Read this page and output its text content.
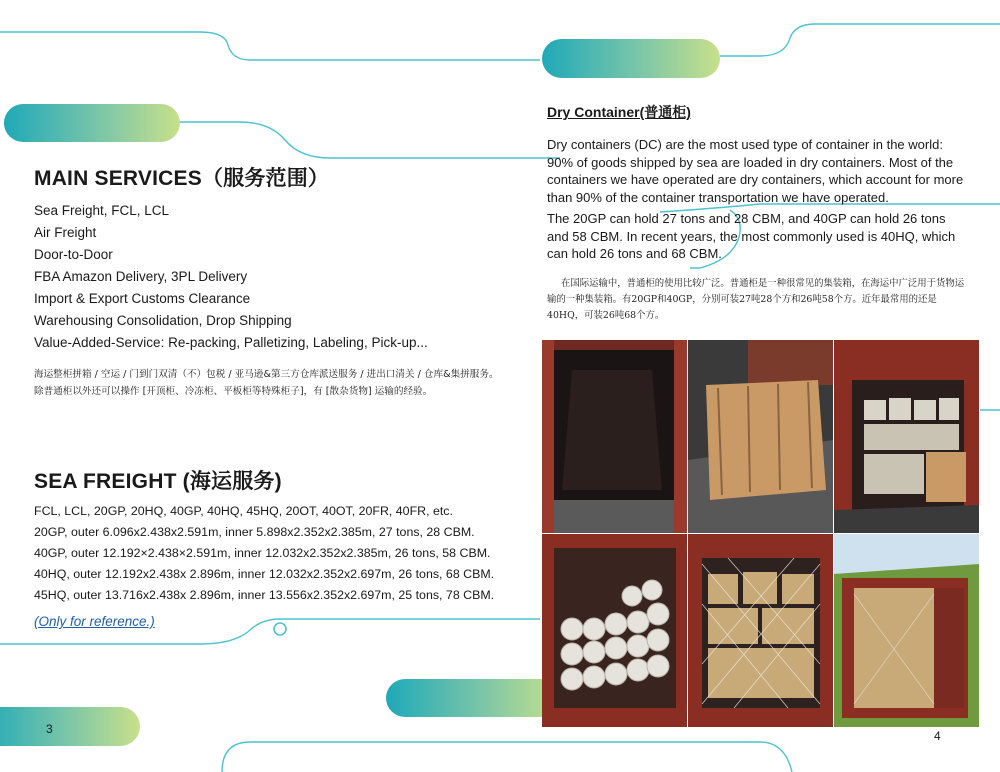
MAIN SERVICES（服务范围）
Sea Freight, FCL, LCL
Air Freight
Door-to-Door
FBA Amazon Delivery, 3PL Delivery
Import & Export Customs Clearance
Warehousing Consolidation, Drop Shipping
Value-Added-Service: Re-packing, Palletizing, Labeling, Pick-up...
海运整柜拼箱 / 空运 / 门到门双清（不）包税 / 亚马逊&第三方仓库派送服务 / 进出口清关 / 仓库&集拼服务。
除普通柜以外还可以操作 [开顶柜、冷冻柜、平板柜等特殊柜子]，有 [散杂货物] 运输的经验。
SEA FREIGHT (海运服务)
FCL, LCL, 20GP, 20HQ, 40GP, 40HQ, 45HQ, 20OT, 40OT, 20FR, 40FR, etc.
20GP, outer 6.096x2.438x2.591m, inner 5.898x2.352x2.385m, 27 tons, 28 CBM.
40GP, outer 12.192×2.438×2.591m, inner 12.032x2.352x2.385m, 26 tons, 58 CBM.
40HQ, outer 12.192x2.438x 2.896m, inner 12.032x2.352x2.697m, 26 tons, 68 CBM.
45HQ, outer 13.716x2.438x 2.896m, inner 13.556x2.352x2.697m, 25 tons, 78 CBM.
(Only for reference.)
3
Dry Container(普通柜)

Dry containers (DC) are the most used type of container in the world: 90% of goods shipped by sea are loaded in dry containers. Most of the containers we have operated are dry containers, which account for more than 90% of the container transportation we have operated.

The 20GP can hold 27 tons and 28 CBM, and 40GP can hold 26 tons and 58 CBM. In recent years, the most commonly used is 40HQ, which can hold 26 tons and 68 CBM.

在国际运输中，普通柜的使用比较广泛。普通柜是一种很常见的集装箱，在海运中广泛用于货物运输的一种集装箱。有20GP和40GP，分别可装27吨28个方和26吨58个方。近年最常用的还是40HQ，可装26吨68个方。

4
